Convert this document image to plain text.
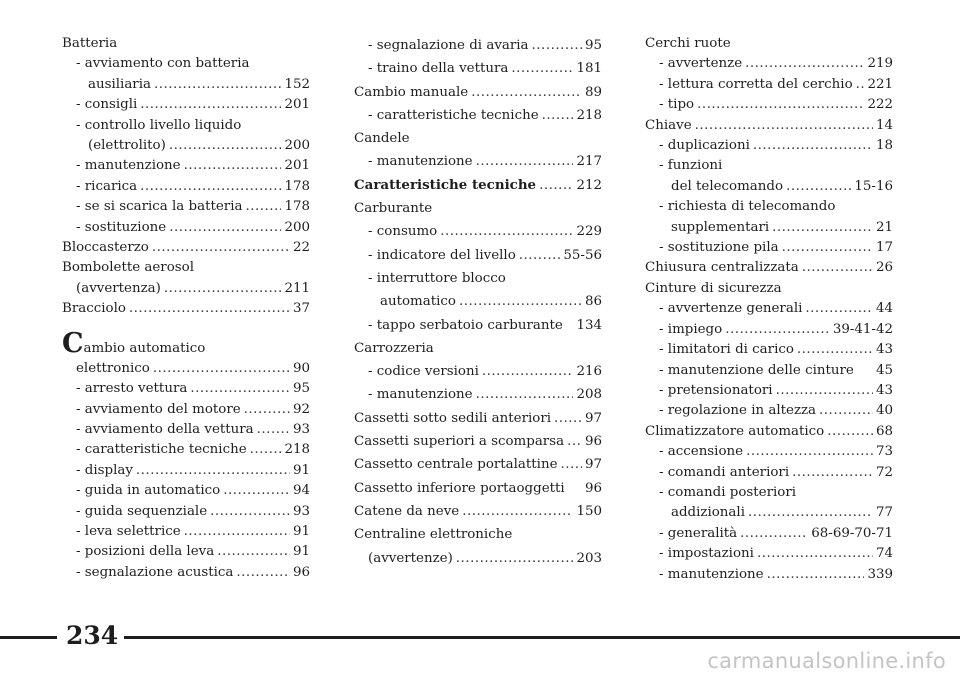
Batteria
- avviamento con batteria
ausiliaria .....	152
- consigli .....	201
- controllo livello liquido
(elettrolito) .....	200
- manutenzione .....	201
- ricarica .....	178
- se si scarica la batteria .....	178
- sostituzione .....	200
Bloccasterzo .....	22
Bombolette aerosol
(avvertenza) .....	211
Bracciolo .....	37
Cambio automatico
elettronico .....	90
- arresto vettura .....	95
- avviamento del motore .....	92
- avviamento della vettura .....	93
- caratteristiche tecniche .....	218
- display .....	91
- guida in automatico .....	94
- guida sequenziale .....	93
- leva selettrice .....	91
- posizioni della leva .....	91
- segnalazione acustica .....	96
- segnalazione di avaria .....	95
- traino della vettura .....	181
Cambio manuale .....	89
- caratteristiche tecniche .....	218
Candele
- manutenzione .....	217
Caratteristiche tecniche .....	212
Carburante
- consumo .....	229
- indicatore del livello .....	55-56
- interruttore blocco
automatico .....	86
- tappo serbatoio carburante 134
Carrozzeria
- codice versioni .....	216
- manutenzione .....	208
Cassetti sotto sedili anteriori .....	97
Cassetti superiori a scomparsa ..... 96
Cassetto centrale portalattine ..... 97
Cassetto inferiore portaoggetti 96
Catene da neve .....	150
Centraline elettroniche
(avvertenze) .....	203
Cerchi ruote
- avvertenze .....	219
- lettura corretta del cerchio ..... 221
- tipo .....	222
Chiave .....	14
- duplicazioni .....	18
- funzioni
del telecomando .....	15-16
- richiesta di telecomando
supplementari .....	21
- sostituzione pila .....	17
Chiusura centralizzata .....	26
Cinture di sicurezza
- avvertenze generali .....	44
- impiego .....	39-41-42
- limitatori di carico .....	43
- manutenzione delle cinture 45
- pretensionatori .....	43
- regolazione in altezza .....	40
Climatizzatore automatico .....	68
- accensione .....	73
- comandi anteriori .....	72
- comandi posteriori
addizionali .....	77
- generalità .....	68-69-70-71
- impostazioni .....	74
- manutenzione .....	339
234
carmanualsonline.info
